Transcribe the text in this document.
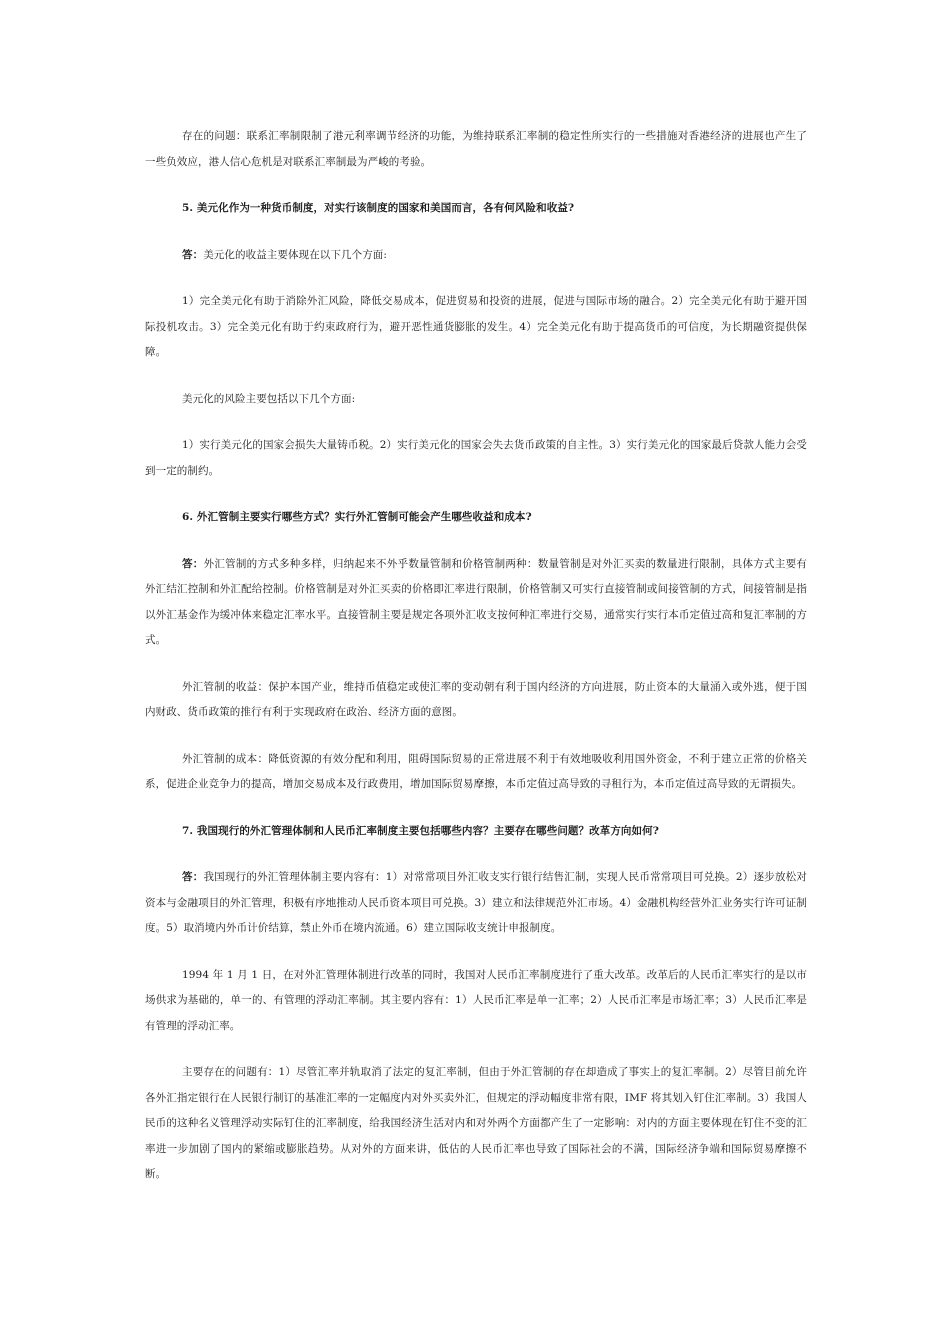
存在的问题：联系汇率制限制了港元利率调节经济的功能，为维持联系汇率制的稳定性所实行的一些措施对香港经济的进展也产生了一些负效应，港人信心危机是对联系汇率制最为严峻的考验。

5. 美元化作为一种货币制度，对实行该制度的国家和美国而言，各有何风险和收益?

答：美元化的收益主要体现在以下几个方面:

1）完全美元化有助于消除外汇风险，降低交易成本，促进贸易和投资的进展，促进与国际市场的融合。2）完全美元化有助于避开国际投机攻击。3）完全美元化有助于约束政府行为，避开恶性通货膨胀的发生。4）完全美元化有助于提高货币的可信度，为长期融资提供保障。

美元化的风险主要包括以下几个方面:

1）实行美元化的国家会损失大量铸币税。2）实行美元化的国家会失去货币政策的自主性。3）实行美元化的国家最后贷款人能力会受到一定的制约。

6. 外汇管制主要实行哪些方式？实行外汇管制可能会产生哪些收益和成本?

答：外汇管制的方式多种多样，归纳起来不外乎数量管制和价格管制两种：数量管制是对外汇买卖的数量进行限制，具体方式主要有外汇结汇控制和外汇配给控制。价格管制是对外汇买卖的价格即汇率进行限制，价格管制又可实行直接管制或间接管制的方式，间接管制是指以外汇基金作为缓冲体来稳定汇率水平。直接管制主要是规定各项外汇收支按何种汇率进行交易，通常实行实行本币定值过高和复汇率制的方式。

外汇管制的收益：保护本国产业，维持币值稳定或使汇率的变动朝有利于国内经济的方向进展，防止资本的大量涌入或外逃，便于国内财政、货币政策的推行有利于实现政府在政治、经济方面的意图。

外汇管制的成本：降低资源的有效分配和利用，阻碍国际贸易的正常进展不利于有效地吸收利用国外资金，不利于建立正常的价格关系，促进企业竞争力的提高，增加交易成本及行政费用，增加国际贸易摩擦，本币定值过高导致的寻租行为，本币定值过高导致的无谓损失。

7. 我国现行的外汇管理体制和人民币汇率制度主要包括哪些内容？主要存在哪些问题？改革方向如何?

答：我国现行的外汇管理体制主要内容有：1）对常常项目外汇收支实行银行结售汇制，实现人民币常常项目可兑换。2）逐步放松对资本与金融项目的外汇管理，积极有序地推动人民币资本项目可兑换。3）建立和法律规范外汇市场。4）金融机构经营外汇业务实行许可证制度。5）取消境内外币计价结算，禁止外币在境内流通。6）建立国际收支统计申报制度。

1994 年 1 月 1 日，在对外汇管理体制进行改革的同时，我国对人民币汇率制度进行了重大改革。改革后的人民币汇率实行的是以市场供求为基础的，单一的、有管理的浮动汇率制。其主要内容有：1）人民币汇率是单一汇率；2）人民币汇率是市场汇率；3）人民币汇率是有管理的浮动汇率。

主要存在的问题有：1）尽管汇率并轨取消了法定的复汇率制，但由于外汇管制的存在却造成了事实上的复汇率制。2）尽管目前允许各外汇指定银行在人民银行制订的基准汇率的一定幅度内对外买卖外汇，但规定的浮动幅度非常有限，IMF 将其划入钉住汇率制。3）我国人民币的这种名义管理浮动实际钉住的汇率制度，给我国经济生活对内和对外两个方面都产生了一定影响：对内的方面主要体现在钉住不变的汇率进一步加剧了国内的紧缩或膨胀趋势。从对外的方面来讲，低估的人民币汇率也导致了国际社会的不满，国际经济争端和国际贸易摩擦不断。
